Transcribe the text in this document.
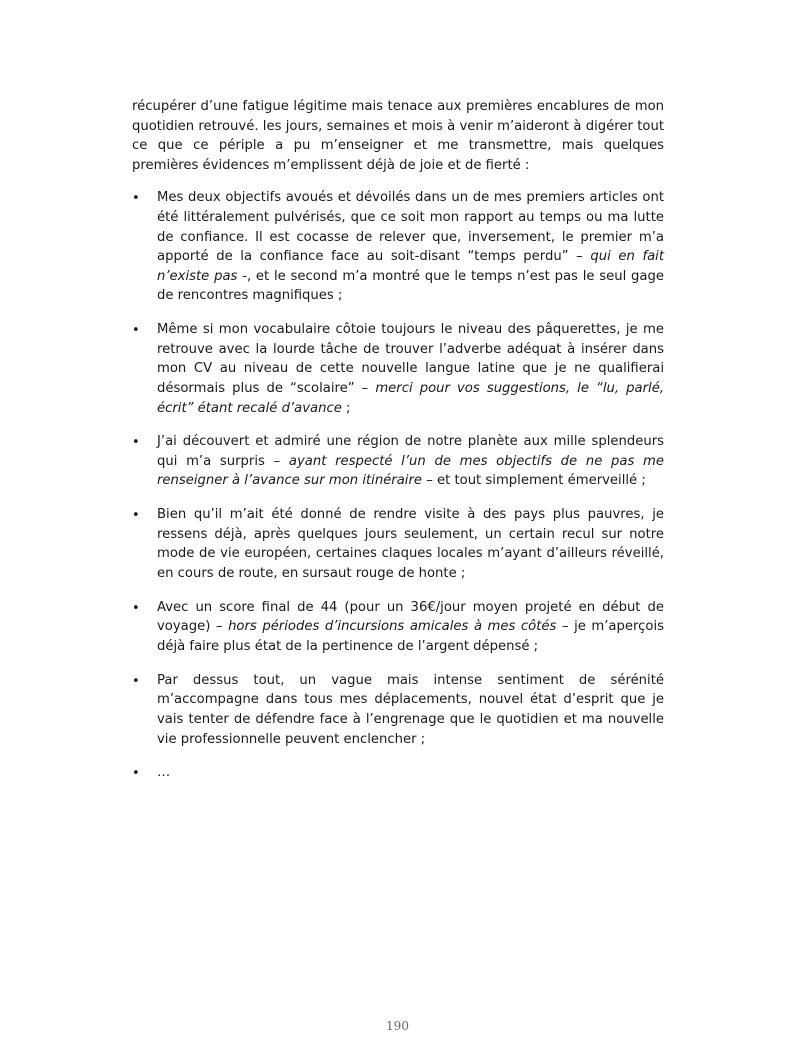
récupérer d’une fatigue légitime mais tenace aux premières encablures de mon quotidien retrouvé. les jours, semaines et mois à venir m’aideront à digérer tout ce que ce périple a pu m’enseigner et me transmettre, mais quelques premières évidences m’emplissent déjà de joie et de fierté :

• Mes deux objectifs avoués et dévoilés dans un de mes premiers articles ont été littéralement pulvérisés, que ce soit mon rapport au temps ou ma lutte de confiance. Il est cocasse de relever que, inversement, le premier m’a apporté de la confiance face au soit-disant “temps perdu” – qui en fait n’existe pas -, et le second m’a montré que le temps n’est pas le seul gage de rencontres magnifiques ;
• Même si mon vocabulaire côtoie toujours le niveau des pâquerettes, je me retrouve avec la lourde tâche de trouver l’adverbe adéquat à insérer dans mon CV au niveau de cette nouvelle langue latine que je ne qualifierai désormais plus de “scolaire” – merci pour vos suggestions, le “lu, parlé, écrit” étant recalé d’avance ;
• J’ai découvert et admiré une région de notre planète aux mille splendeurs qui m’a surpris – ayant respecté l’un de mes objectifs de ne pas me renseigner à l’avance sur mon itinéraire – et tout simplement émerveillé ;
• Bien qu’il m’ait été donné de rendre visite à des pays plus pauvres, je ressens déjà, après quelques jours seulement, un certain recul sur notre mode de vie européen, certaines claques locales m’ayant d’ailleurs réveillé, en cours de route, en sursaut rouge de honte ;
• Avec un score final de 44 (pour un 36€/jour moyen projeté en début de voyage) – hors périodes d’incursions amicales à mes côtés – je m’aperçois déjà faire plus état de la pertinence de l’argent dépensé ;
• Par dessus tout, un vague mais intense sentiment de sérénité m’accompagne dans tous mes déplacements, nouvel état d’esprit que je vais tenter de défendre face à l’engrenage que le quotidien et ma nouvelle vie professionnelle peuvent enclencher ;
• …
190
